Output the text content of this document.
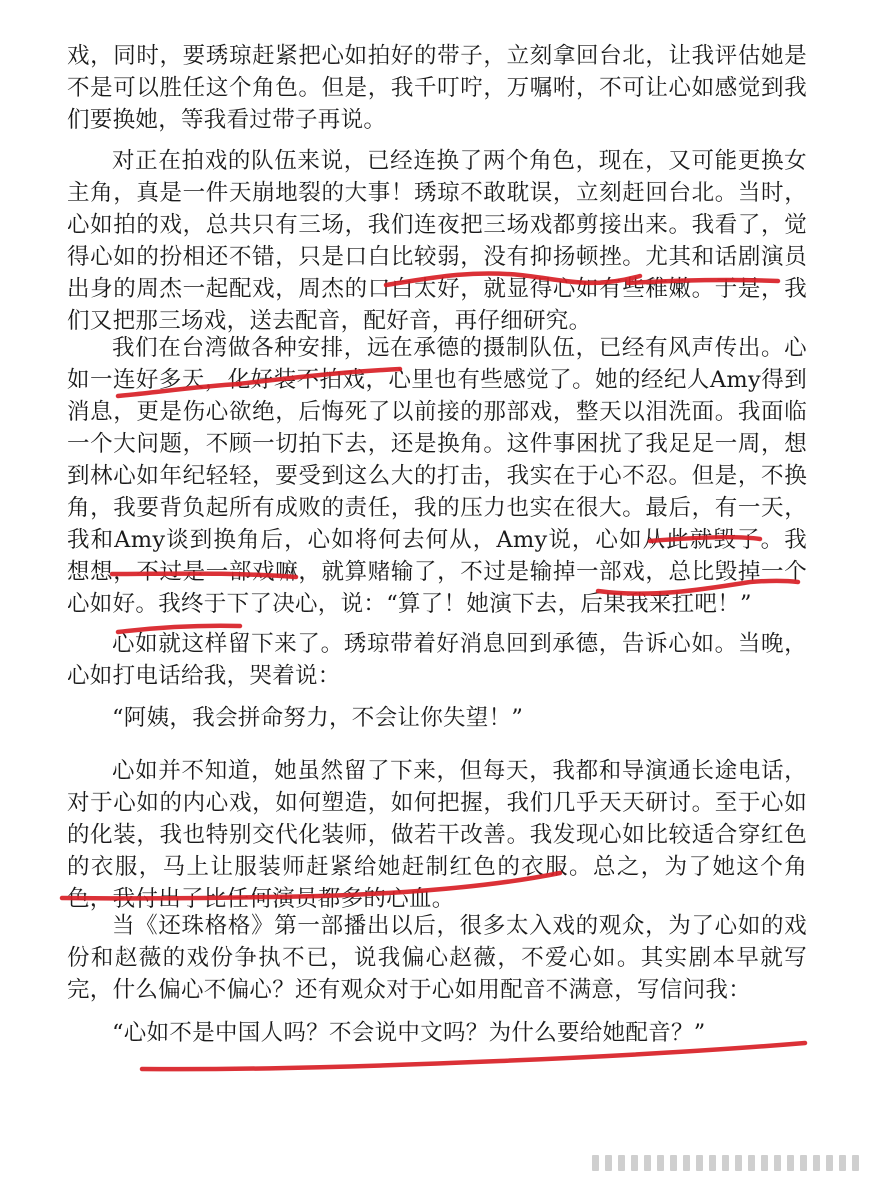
戏，同时，要琇琼赶紧把心如拍好的带子，立刻拿回台北，让我评估她是不是可以胜任这个角色。但是，我千叮咛，万嘱咐，不可让心如感觉到我们要换她，等我看过带子再说。

对正在拍戏的队伍来说，已经连换了两个角色，现在，又可能更换女主角，真是一件天崩地裂的大事！琇琼不敢耽误，立刻赶回台北。当时，心如拍的戏，总共只有三场，我们连夜把三场戏都剪接出来。我看了，觉得心如的扮相还不错，只是口白比较弱，没有抑扬顿挫。尤其和话剧演员出身的周杰一起配戏，周杰的口白太好，就显得心如有些稚嫩。于是，我们又把那三场戏，送去配音，配好音，再仔细研究。

我们在台湾做各种安排，远在承德的摄制队伍，已经有风声传出。心如一连好多天，化好装不拍戏，心里也有些感觉了。她的经纪人Amy得到消息，更是伤心欲绝，后悔死了以前接的那部戏，整天以泪洗面。我面临一个大问题，不顾一切拍下去，还是换角。这件事困扰了我足足一周，想到林心如年纪轻轻，要受到这么大的打击，我实在于心不忍。但是，不换角，我要背负起所有成败的责任，我的压力也实在很大。最后，有一天，我和Amy谈到换角后，心如将何去何从，Amy说，心如从此就毁了。我想想，不过是一部戏嘛，就算赌输了，不过是输掉一部戏，总比毁掉一个心如好。我终于下了决心，说：“算了！她演下去，后果我来扛吧！”

心如就这样留下来了。琇琼带着好消息回到承德，告诉心如。当晚，心如打电话给我，哭着说：

“阿姨，我会拼命努力，不会让你失望！”

心如并不知道，她虽然留了下来，但每天，我都和导演通长途电话，对于心如的内心戏，如何塑造，如何把握，我们几乎天天研讨。至于心如的化装，我也特别交代化装师，做若干改善。我发现心如比较适合穿红色的衣服，马上让服装师赶紧给她赶制红色的衣服。总之，为了她这个角色，我付出了比任何演员都多的心血。

当《还珠格格》第一部播出以后，很多太入戏的观众，为了心如的戏份和赵薇的戏份争执不已，说我偏心赵薇，不爱心如。其实剧本早就写完，什么偏心不偏心？还有观众对于心如用配音不满意，写信问我：

“心如不是中国人吗？不会说中文吗？为什么要给她配音？”
